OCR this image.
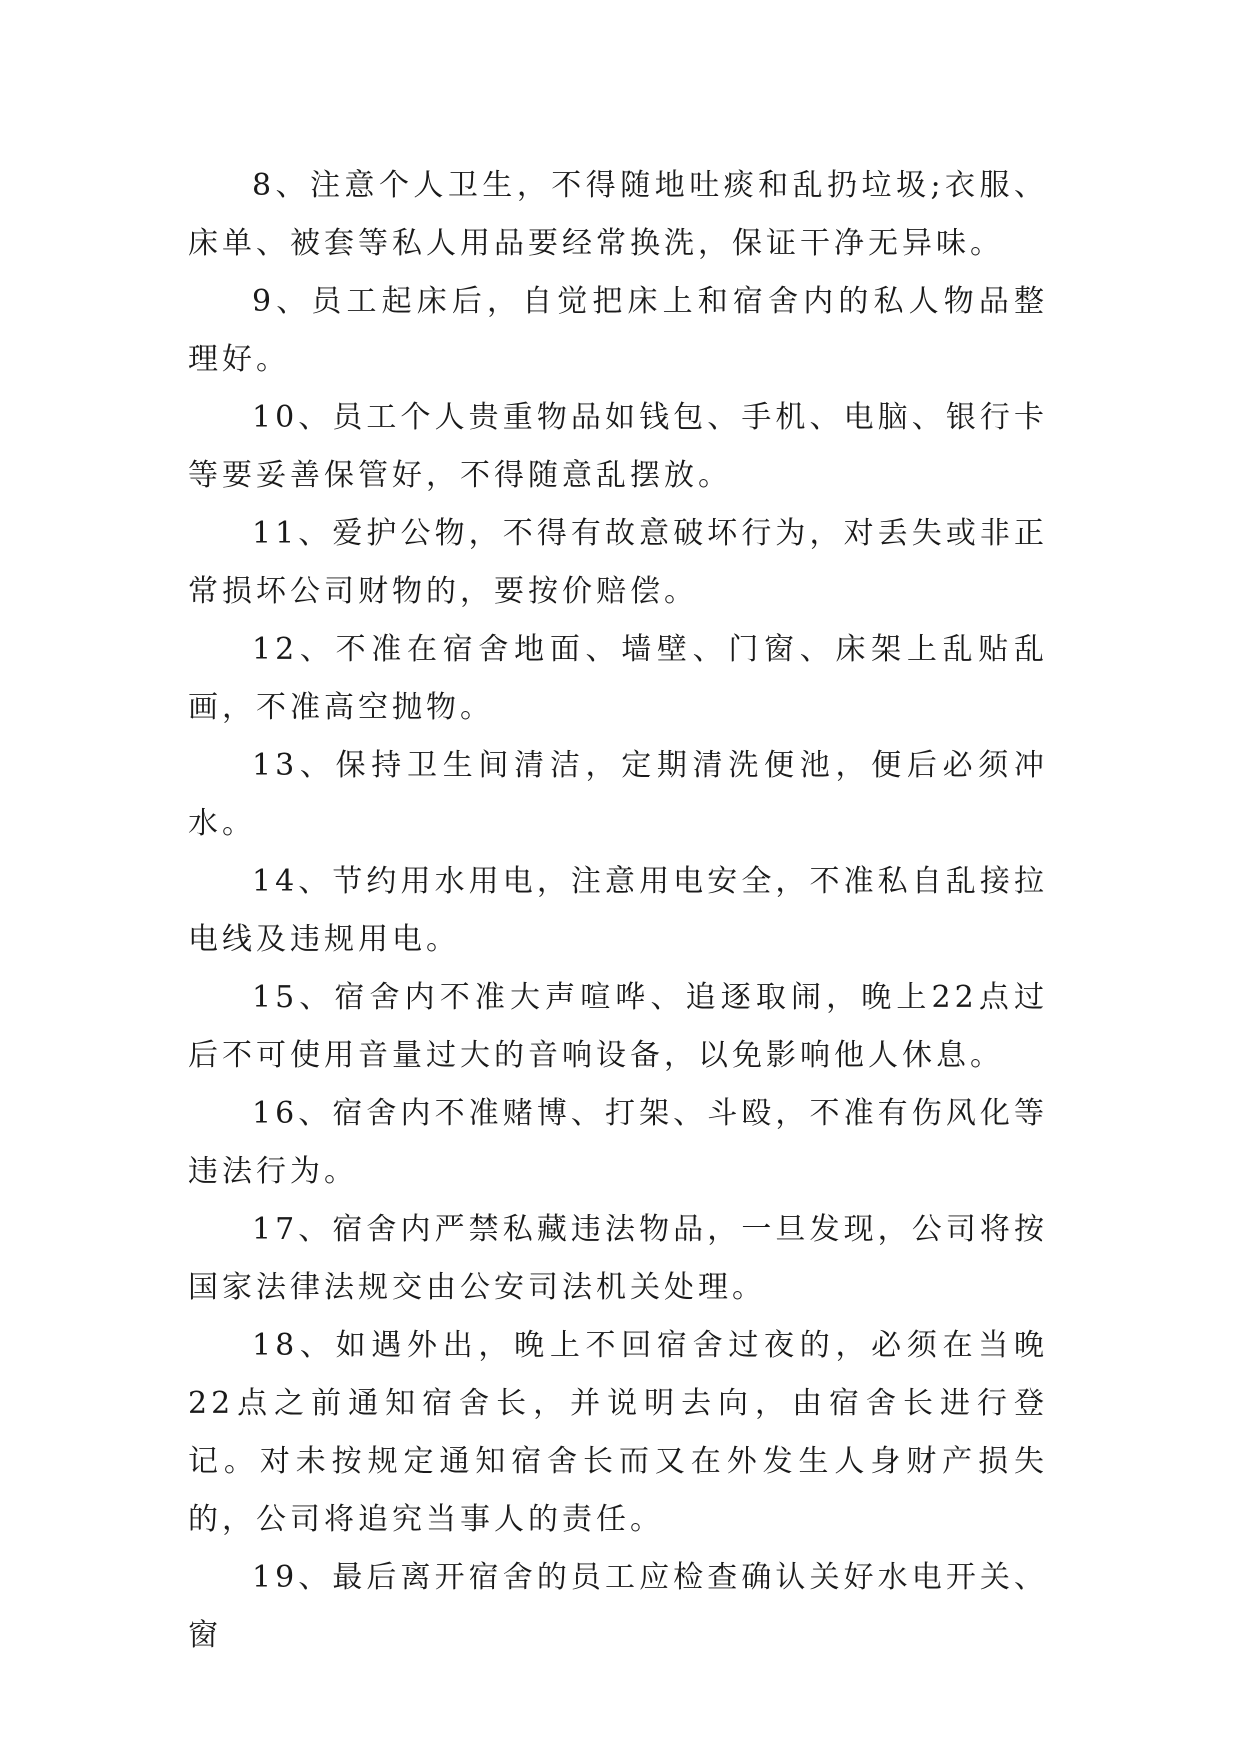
8、注意个人卫生，不得随地吐痰和乱扔垃圾;衣服、床单、被套等私人用品要经常换洗，保证干净无异味。

9、员工起床后，自觉把床上和宿舍内的私人物品整理好。

10、员工个人贵重物品如钱包、手机、电脑、银行卡等要妥善保管好，不得随意乱摆放。

11、爱护公物，不得有故意破坏行为，对丢失或非正常损坏公司财物的，要按价赔偿。

12、不准在宿舍地面、墙壁、门窗、床架上乱贴乱画，不准高空抛物。

13、保持卫生间清洁，定期清洗便池，便后必须冲水。

14、节约用水用电，注意用电安全，不准私自乱接拉电线及违规用电。

15、宿舍内不准大声喧哗、追逐取闹，晚上22点过后不可使用音量过大的音响设备，以免影响他人休息。

16、宿舍内不准赌博、打架、斗殴，不准有伤风化等违法行为。

17、宿舍内严禁私藏违法物品，一旦发现，公司将按国家法律法规交由公安司法机关处理。

18、如遇外出，晚上不回宿舍过夜的，必须在当晚22点之前通知宿舍长，并说明去向，由宿舍长进行登记。对未按规定通知宿舍长而又在外发生人身财产损失的，公司将追究当事人的责任。

19、最后离开宿舍的员工应检查确认关好水电开关、窗
